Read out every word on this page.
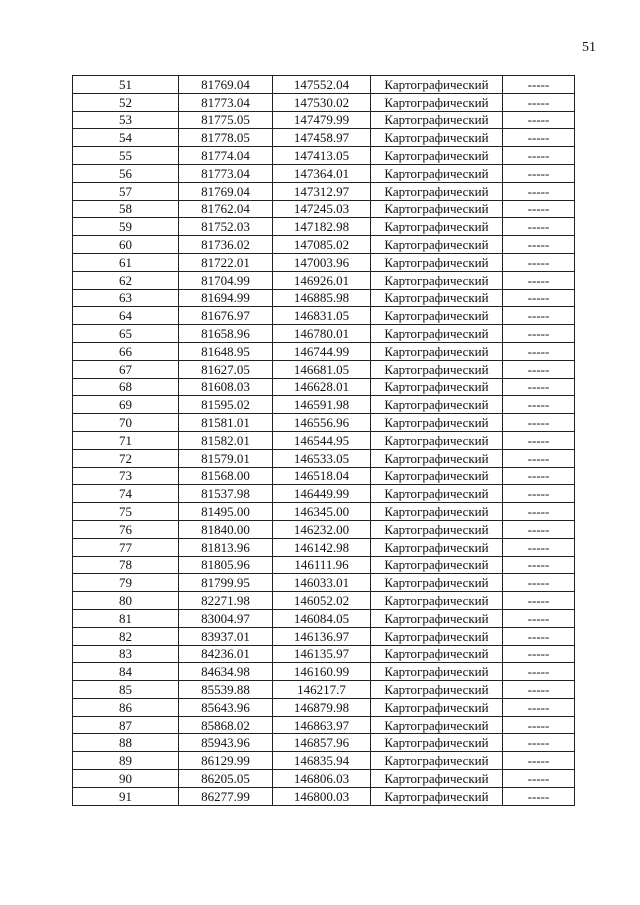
51
51	81769.04	147552.04	Картографический	-----
52	81773.04	147530.02	Картографический	-----
53	81775.05	147479.99	Картографический	-----
54	81778.05	147458.97	Картографический	-----
55	81774.04	147413.05	Картографический	-----
56	81773.04	147364.01	Картографический	-----
57	81769.04	147312.97	Картографический	-----
58	81762.04	147245.03	Картографический	-----
59	81752.03	147182.98	Картографический	-----
60	81736.02	147085.02	Картографический	-----
61	81722.01	147003.96	Картографический	-----
62	81704.99	146926.01	Картографический	-----
63	81694.99	146885.98	Картографический	-----
64	81676.97	146831.05	Картографический	-----
65	81658.96	146780.01	Картографический	-----
66	81648.95	146744.99	Картографический	-----
67	81627.05	146681.05	Картографический	-----
68	81608.03	146628.01	Картографический	-----
69	81595.02	146591.98	Картографический	-----
70	81581.01	146556.96	Картографический	-----
71	81582.01	146544.95	Картографический	-----
72	81579.01	146533.05	Картографический	-----
73	81568.00	146518.04	Картографический	-----
74	81537.98	146449.99	Картографический	-----
75	81495.00	146345.00	Картографический	-----
76	81840.00	146232.00	Картографический	-----
77	81813.96	146142.98	Картографический	-----
78	81805.96	146111.96	Картографический	-----
79	81799.95	146033.01	Картографический	-----
80	82271.98	146052.02	Картографический	-----
81	83004.97	146084.05	Картографический	-----
82	83937.01	146136.97	Картографический	-----
83	84236.01	146135.97	Картографический	-----
84	84634.98	146160.99	Картографический	-----
85	85539.88	146217.7	Картографический	-----
86	85643.96	146879.98	Картографический	-----
87	85868.02	146863.97	Картографический	-----
88	85943.96	146857.96	Картографический	-----
89	86129.99	146835.94	Картографический	-----
90	86205.05	146806.03	Картографический	-----
91	86277.99	146800.03	Картографический	-----
